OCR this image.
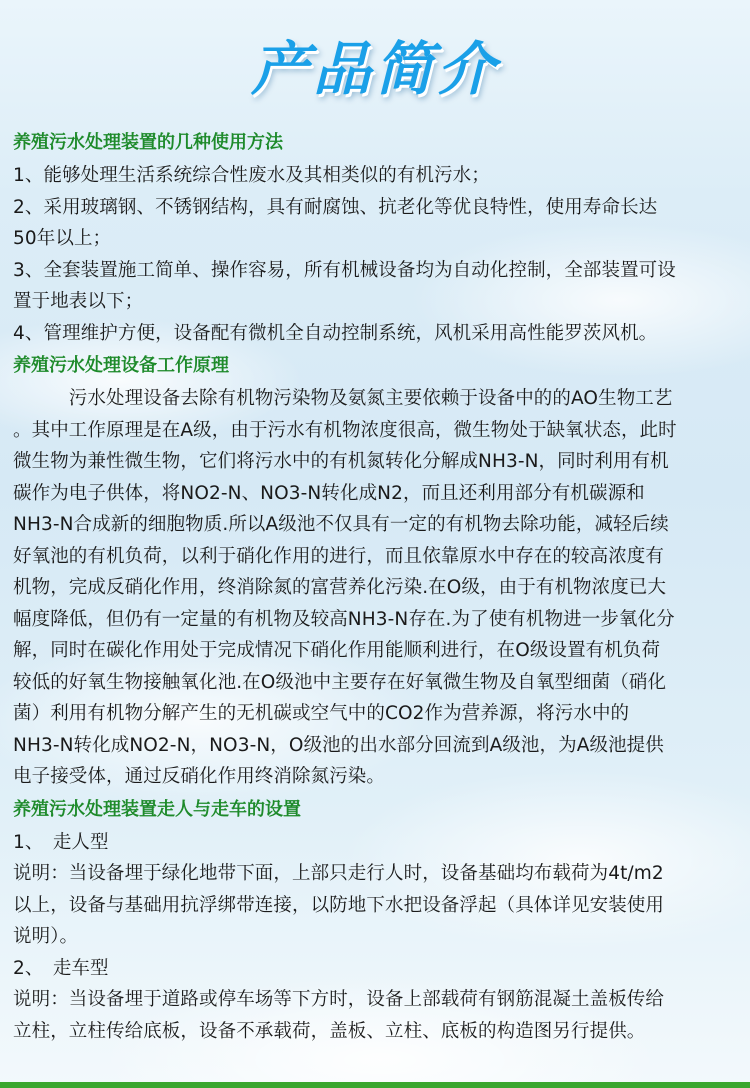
产品简介
养殖污水处理装置的几种使用方法
1、能够处理生活系统综合性废水及其相类似的有机污水；
2、采用玻璃钢、不锈钢结构，具有耐腐蚀、抗老化等优良特性，使用寿命长达
50年以上；
3、全套装置施工简单、操作容易，所有机械设备均为自动化控制，全部装置可设
置于地表以下；
4、管理维护方便，设备配有微机全自动控制系统，风机采用高性能罗茨风机。
养殖污水处理设备工作原理
　　　污水处理设备去除有机物污染物及氨氮主要依赖于设备中的的AO生物工艺
。其中工作原理是在A级，由于污水有机物浓度很高，微生物处于缺氧状态，此时
微生物为兼性微生物，它们将污水中的有机氮转化分解成NH3-N，同时利用有机
碳作为电子供体，将NO2-N、NO3-N转化成N2，而且还利用部分有机碳源和
NH3-N合成新的细胞物质.所以A级池不仅具有一定的有机物去除功能，减轻后续
好氧池的有机负荷，以利于硝化作用的进行，而且依靠原水中存在的较高浓度有
机物，完成反硝化作用，终消除氮的富营养化污染.在O级，由于有机物浓度已大
幅度降低，但仍有一定量的有机物及较高NH3-N存在.为了使有机物进一步氧化分
解，同时在碳化作用处于完成情况下硝化作用能顺利进行，在O级设置有机负荷
较低的好氧生物接触氧化池.在O级池中主要存在好氧微生物及自氧型细菌（硝化
菌）利用有机物分解产生的无机碳或空气中的CO2作为营养源，将污水中的
NH3-N转化成NO2-N，NO3-N，O级池的出水部分回流到A级池，为A级池提供
电子接受体，通过反硝化作用终消除氮污染。
养殖污水处理装置走人与走车的设置
1、　走人型
说明：当设备埋于绿化地带下面，上部只走行人时，设备基础均布载荷为4t/m2
以上，设备与基础用抗浮绑带连接，以防地下水把设备浮起（具体详见安装使用
说明）。
2、　走车型
说明：当设备埋于道路或停车场等下方时，设备上部载荷有钢筋混凝土盖板传给
立柱，立柱传给底板，设备不承载荷，盖板、立柱、底板的构造图另行提供。
